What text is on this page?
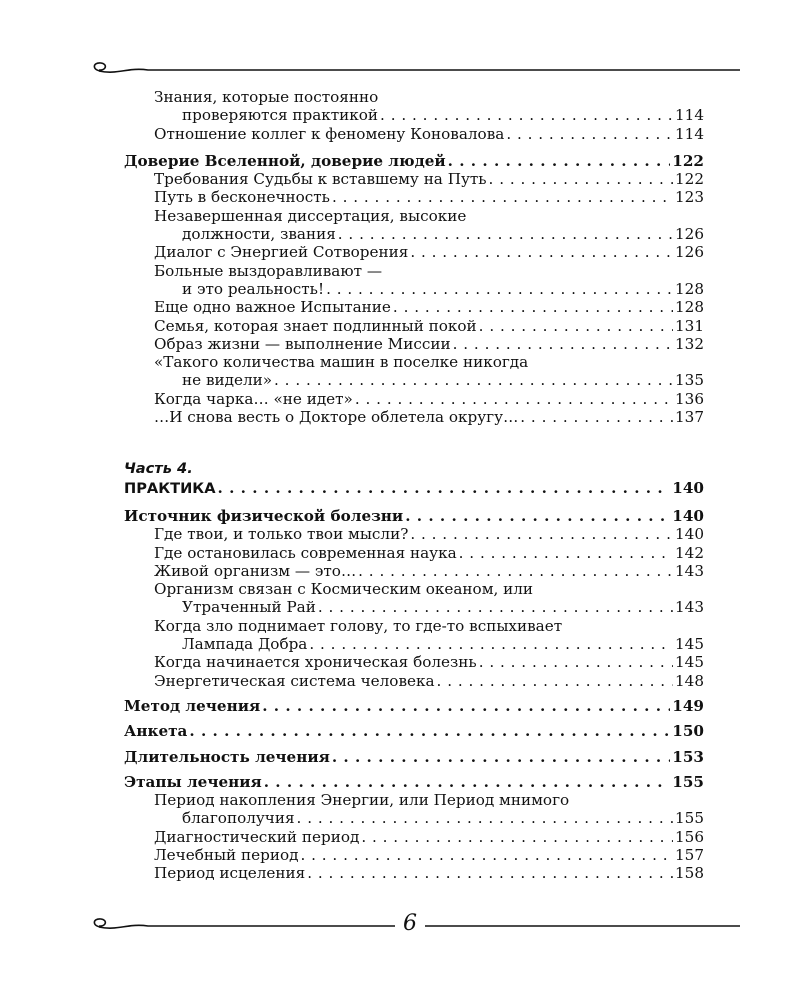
Знания, которые постоянно
проверяются практикой . . .	114
Отношение коллег к феномену Коновалова . . .	114
Доверие Вселенной, доверие людей . . .	122
Требования Судьбы к вставшему на Путь . . .	122
Путь в бесконечность . . .	123
Незавершенная диссертация, высокие
должности, звания . . .	126
Диалог с Энергией Сотворения . . .	126
Больные выздоравливают —
и это реальность! . . .	128
Еще одно важное Испытание . . .	128
Семья, которая знает подлинный покой . . .	131
Образ жизни — выполнение Миссии . . .	132
«Такого количества машин в поселке никогда
не видели» . . .	135
Когда чарка… «не идет» . . .	136
…И снова весть о Докторе облетела округу… . . .	137
Часть 4.
ПРАКТИКА . . .	140
Источник физической болезни . . .	140
Где твои, и только твои мысли? . . .	140
Где остановилась современная наука . . .	142
Живой организм — это… . . .	143
Организм связан с Космическим океаном, или
Утраченный Рай . . .	143
Когда зло поднимает голову, то где-то вспыхивает
Лампада Добра . . .	145
Когда начинается хроническая болезнь . . .	145
Энергетическая система человека . . .	148
Метод лечения . . .	149
Анкета . . .	150
Длительность лечения . . .	153
Этапы лечения . . .	155
Период накопления Энергии, или Период мнимого
благополучия . . .	155
Диагностический период . . .	156
Лечебный период . . .	157
Период исцеления . . .	158
6
